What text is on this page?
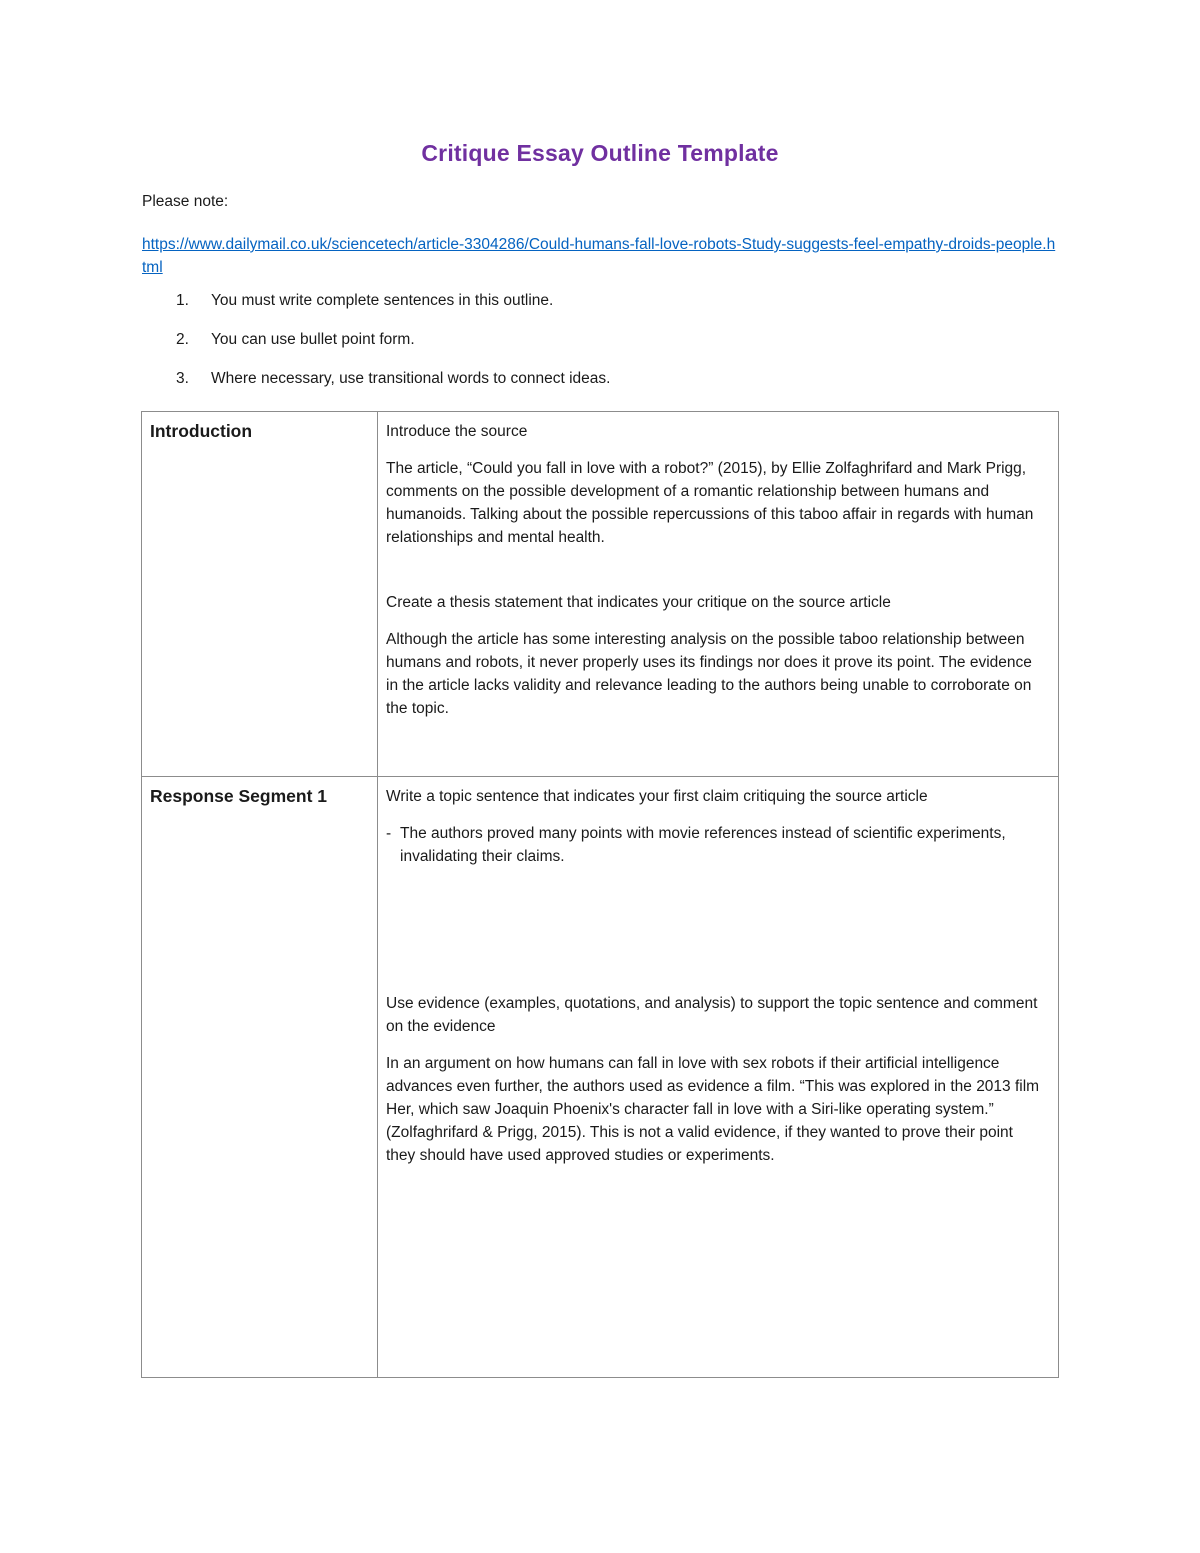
Critique Essay Outline Template
Please note:
https://www.dailymail.co.uk/sciencetech/article-3304286/Could-humans-fall-love-robots-Study-suggests-feel-empathy-droids-people.html
1. You must write complete sentences in this outline.
2. You can use bullet point form.
3. Where necessary, use transitional words to connect ideas.
Introduction	Introduce the source

The article, “Could you fall in love with a robot?” (2015), by Ellie Zolfaghrifard and Mark Prigg, comments on the possible development of a romantic relationship between humans and humanoids. Talking about the possible repercussions of this taboo affair in regards with human relationships and mental health.

Create a thesis statement that indicates your critique on the source article

Although the article has some interesting analysis on the possible taboo relationship between humans and robots, it never properly uses its findings nor does it prove its point. The evidence in the article lacks validity and relevance leading to the authors being unable to corroborate on the topic.

Response Segment 1	Write a topic sentence that indicates your first claim critiquing the source article

- The authors proved many points with movie references instead of scientific experiments, invalidating their claims.

Use evidence (examples, quotations, and analysis) to support the topic sentence and comment on the evidence

In an argument on how humans can fall in love with sex robots if their artificial intelligence advances even further, the authors used as evidence a film. “This was explored in the 2013 film Her, which saw Joaquin Phoenix's character fall in love with a Siri-like operating system.” (Zolfaghrifard & Prigg, 2015). This is not a valid evidence, if they wanted to prove their point they should have used approved studies or experiments.
